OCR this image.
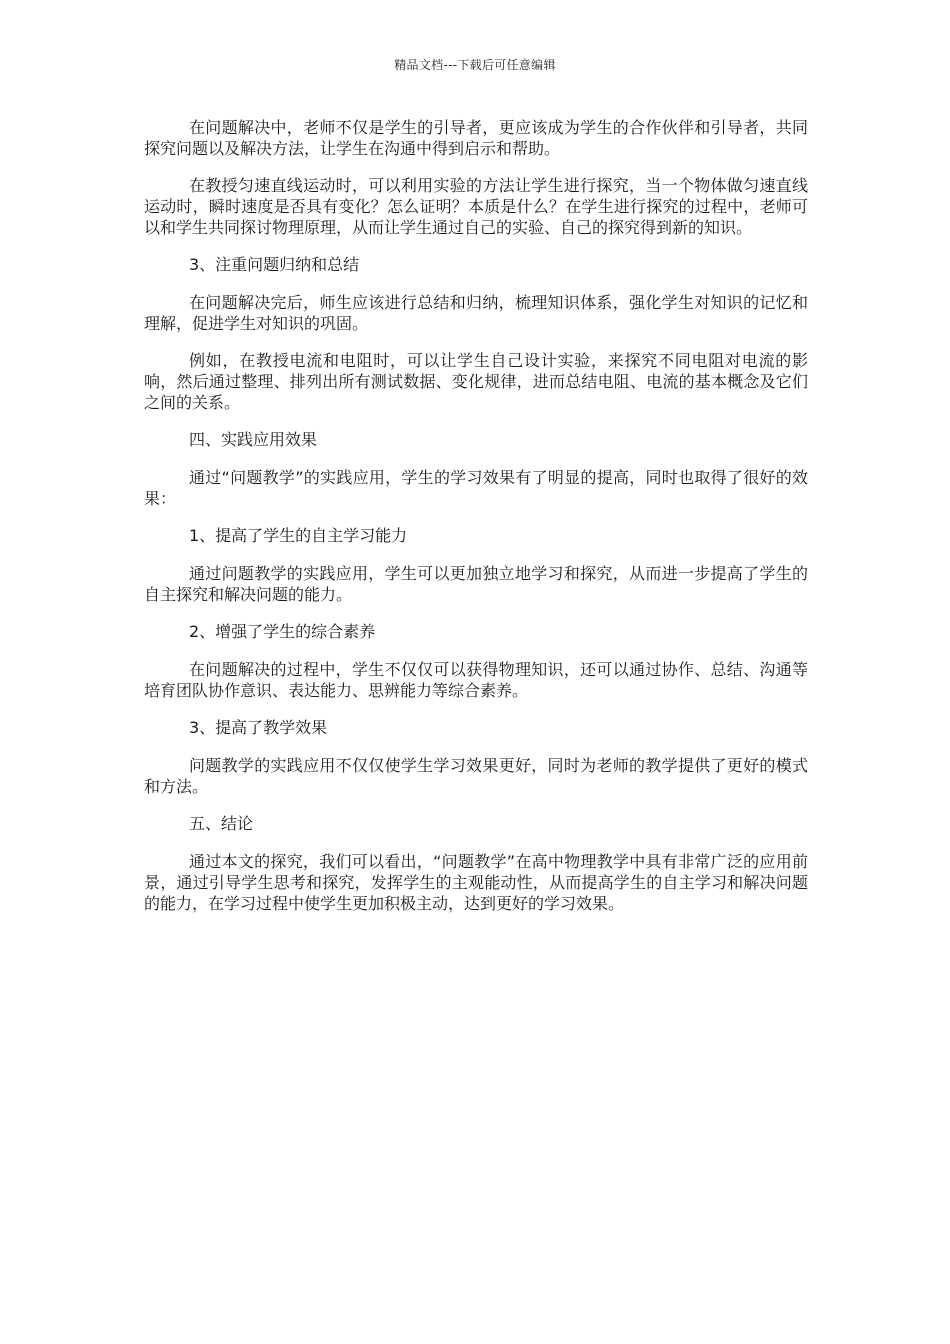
精品文档---下载后可任意编辑

在问题解决中，老师不仅是学生的引导者，更应该成为学生的合作伙伴和引导者，共同探究问题以及解决方法，让学生在沟通中得到启示和帮助。

在教授匀速直线运动时，可以利用实验的方法让学生进行探究，当一个物体做匀速直线运动时，瞬时速度是否具有变化？怎么证明？本质是什么？在学生进行探究的过程中，老师可以和学生共同探讨物理原理，从而让学生通过自己的实验、自己的探究得到新的知识。

3、注重问题归纳和总结

在问题解决完后，师生应该进行总结和归纳，梳理知识体系，强化学生对知识的记忆和理解，促进学生对知识的巩固。

例如，在教授电流和电阻时，可以让学生自己设计实验，来探究不同电阻对电流的影响，然后通过整理、排列出所有测试数据、变化规律，进而总结电阻、电流的基本概念及它们之间的关系。

四、实践应用效果

通过“问题教学”的实践应用，学生的学习效果有了明显的提高，同时也取得了很好的效果：

1、提高了学生的自主学习能力

通过问题教学的实践应用，学生可以更加独立地学习和探究，从而进一步提高了学生的自主探究和解决问题的能力。

2、增强了学生的综合素养

在问题解决的过程中，学生不仅仅可以获得物理知识，还可以通过协作、总结、沟通等培育团队协作意识、表达能力、思辨能力等综合素养。

3、提高了教学效果

问题教学的实践应用不仅仅使学生学习效果更好，同时为老师的教学提供了更好的模式和方法。

五、结论

通过本文的探究，我们可以看出，“问题教学”在高中物理教学中具有非常广泛的应用前景，通过引导学生思考和探究，发挥学生的主观能动性，从而提高学生的自主学习和解决问题的能力，在学习过程中使学生更加积极主动，达到更好的学习效果。
